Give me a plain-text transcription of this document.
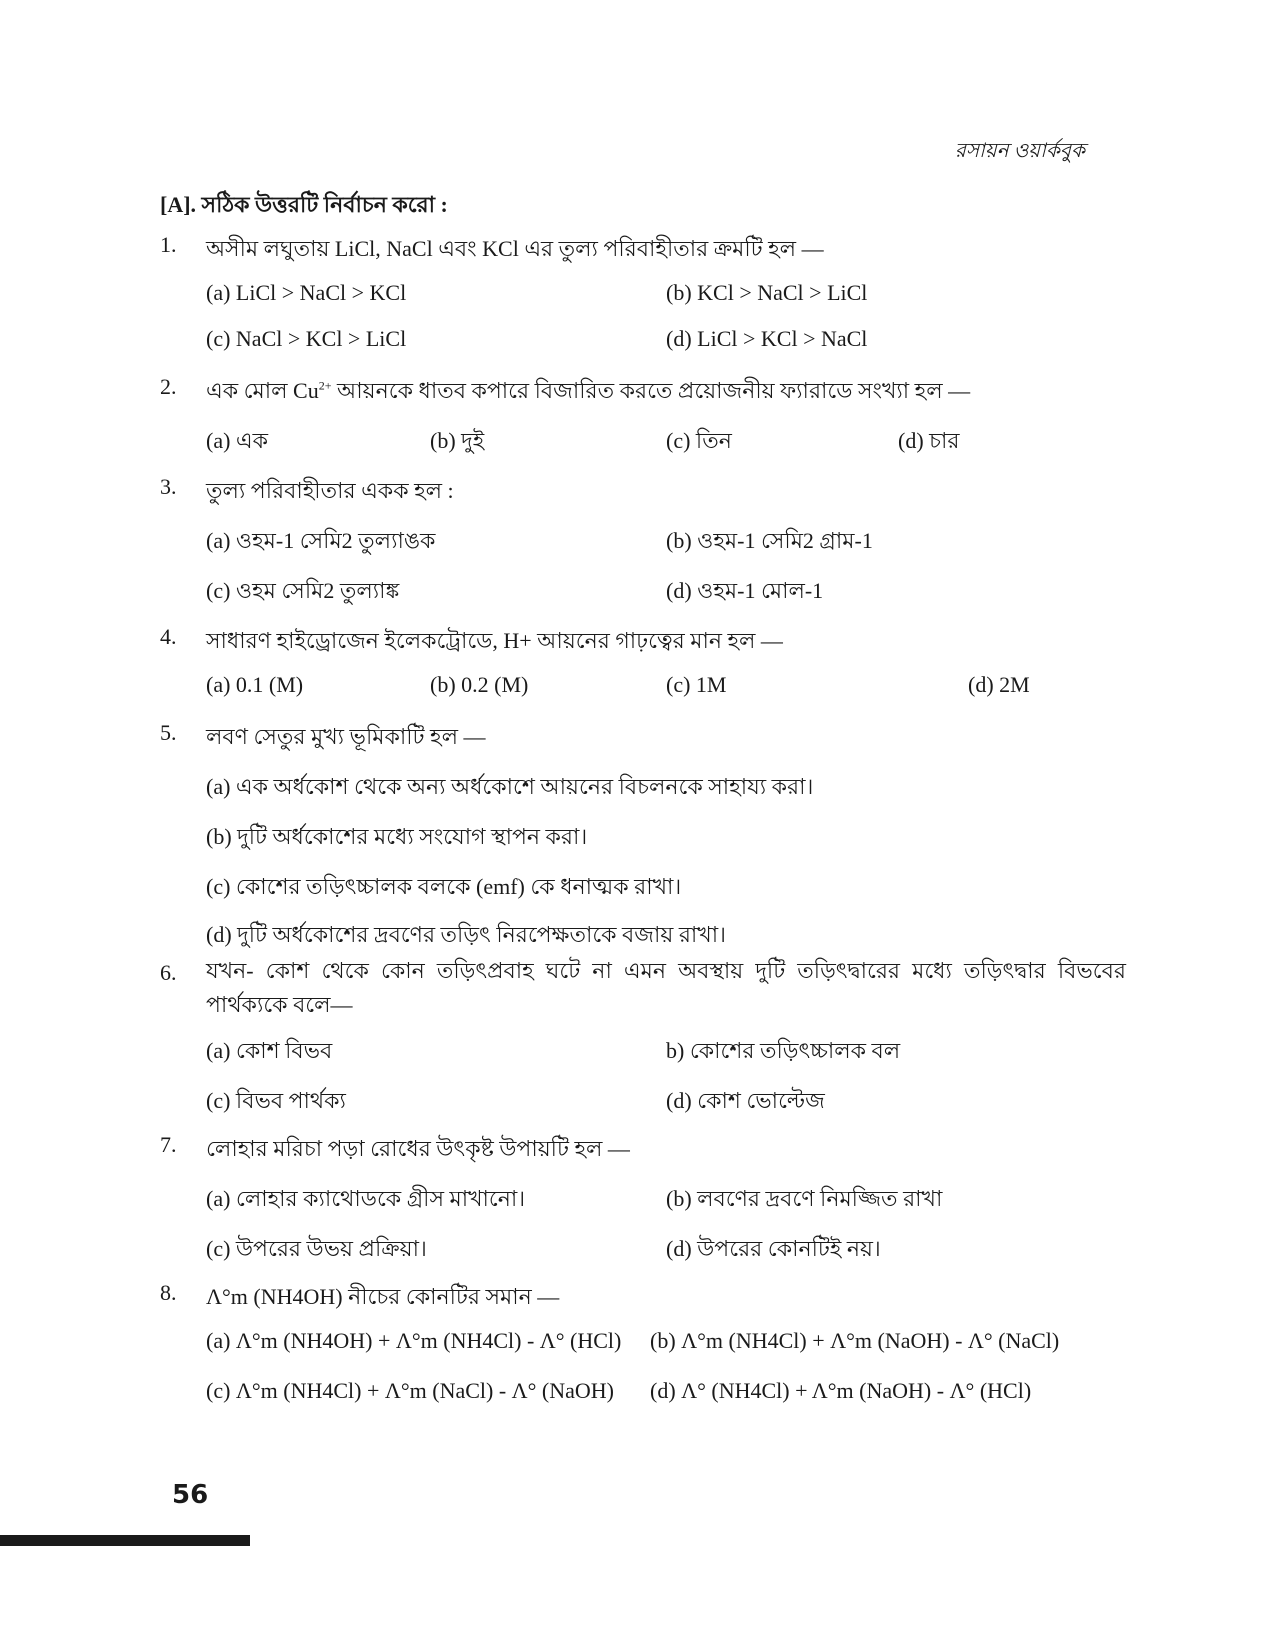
রসায়ন ওয়ার্কবুক
[A]. সঠিক উত্তরটি নির্বাচন করো :
1. অসীম লঘুতায় LiCl, NaCl এবং KCl এর তুল্য পরিবাহীতার ক্রমটি হল —
(a) LiCl > NaCl > KCl	(b) KCl > NaCl > LiCl
(c) NaCl > KCl > LiCl	(d) LiCl > KCl > NaCl
2. এক মোল $Cu^{2+}$ আয়নকে ধাতব কপারে বিজারিত করতে প্রয়োজনীয় ফ্যারাডে সংখ্যা হল —
(a) এক	(b) দুই	(c) তিন	(d) চার
3. তুল্য পরিবাহীতার একক হল :
(a) ওহম-1 সেমি2 তুল্যাঙক	(b) ওহম-1 সেমি2 গ্রাম-1
(c) ওহম সেমি2 তুল্যাঙ্ক	(d) ওহম-1 মোল-1
4. সাধারণ হাইড্রোজেন ইলেকট্রোডে, H+ আয়নের গাঢ়ত্বের মান হল —
(a) 0.1 (M)	(b) 0.2 (M)	(c) 1M	(d) 2M
5. লবণ সেতুর মুখ্য ভূমিকাটি হল —
(a) এক অর্ধকোশ থেকে অন্য অর্ধকোশে আয়নের বিচলনকে সাহায্য করা।
(b) দুটি অর্ধকোশের মধ্যে সংযোগ স্থাপন করা।
(c) কোশের তড়িৎচ্চালক বলকে (emf) কে ধনাত্মক রাখা।
(d) দুটি অর্ধকোশের দ্রবণের তড়িৎ নিরপেক্ষতাকে বজায় রাখা।
6. যখন- কোশ থেকে কোন তড়িৎপ্রবাহ ঘটে না এমন অবস্থায় দুটি তড়িৎদ্বারের মধ্যে তড়িৎদ্বার বিভবের পার্থক্যকে বলে—
(a) কোশ বিভব	b) কোশের তড়িৎচ্চালক বল
(c) বিভব পার্থক্য	(d) কোশ ভোল্টেজ
7. লোহার মরিচা পড়া রোধের উৎকৃষ্ট উপায়টি হল —
(a) লোহার ক্যাথোডকে গ্রীস মাখানো।	(b) লবণের দ্রবণে নিমজ্জিত রাখা
(c) উপরের উভয় প্রক্রিয়া।	(d) উপরের কোনটিই নয়।
8. Λ°m (NH4OH) নীচের কোনটির সমান —
(a) Λ°m (NH4OH) + Λ°m (NH4Cl) - Λ° (HCl) (b) Λ°m (NH4Cl) + Λ°m (NaOH) - Λ° (NaCl)
(c) Λ°m (NH4Cl) + Λ°m (NaCl) - Λ° (NaOH) (d) Λ° (NH4Cl) + Λ°m (NaOH) - Λ° (HCl)
56
